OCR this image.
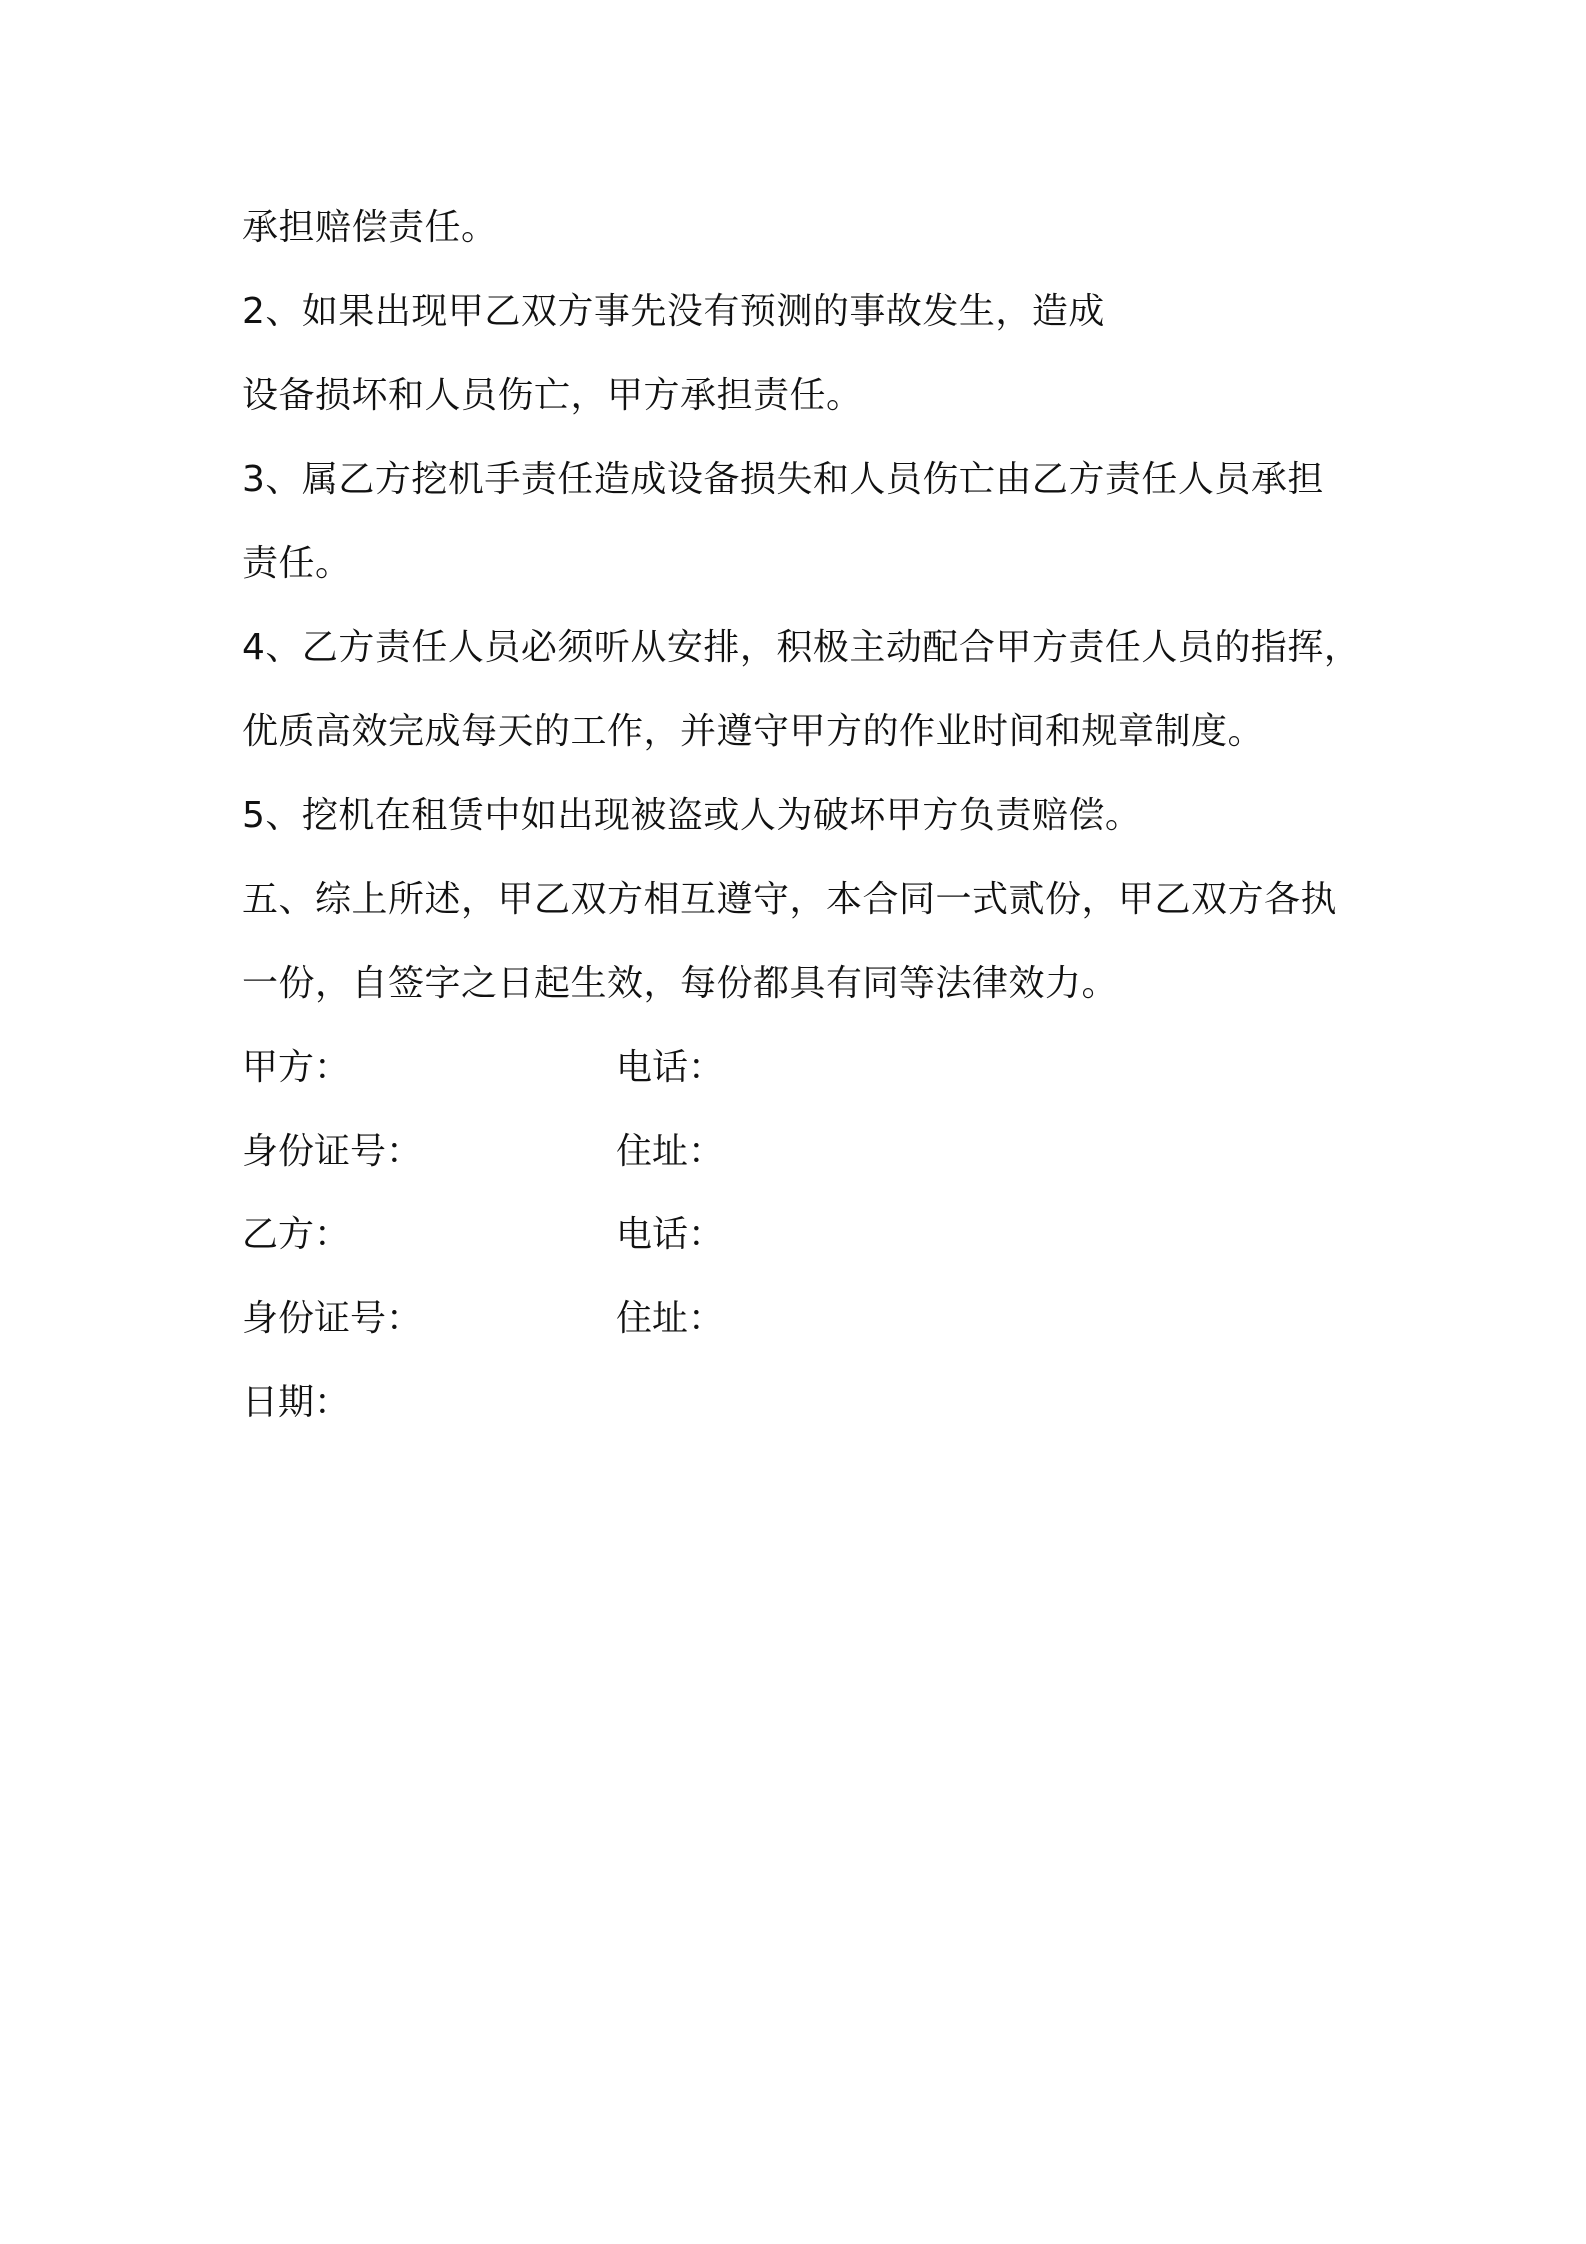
承担赔偿责任。
2、如果出现甲乙双方事先没有预测的事故发生，造成
设备损坏和人员伤亡，甲方承担责任。
3、属乙方挖机手责任造成设备损失和人员伤亡由乙方责任人员承担
责任。
4、乙方责任人员必须听从安排，积极主动配合甲方责任人员的指挥，
优质高效完成每天的工作，并遵守甲方的作业时间和规章制度。
5、挖机在租赁中如出现被盗或人为破坏甲方负责赔偿。
五、综上所述，甲乙双方相互遵守，本合同一式贰份，甲乙双方各执
一份，自签字之日起生效，每份都具有同等法律效力。
甲方：	电话：
身份证号：	住址：
乙方：	电话：
身份证号：	住址：
日期：
